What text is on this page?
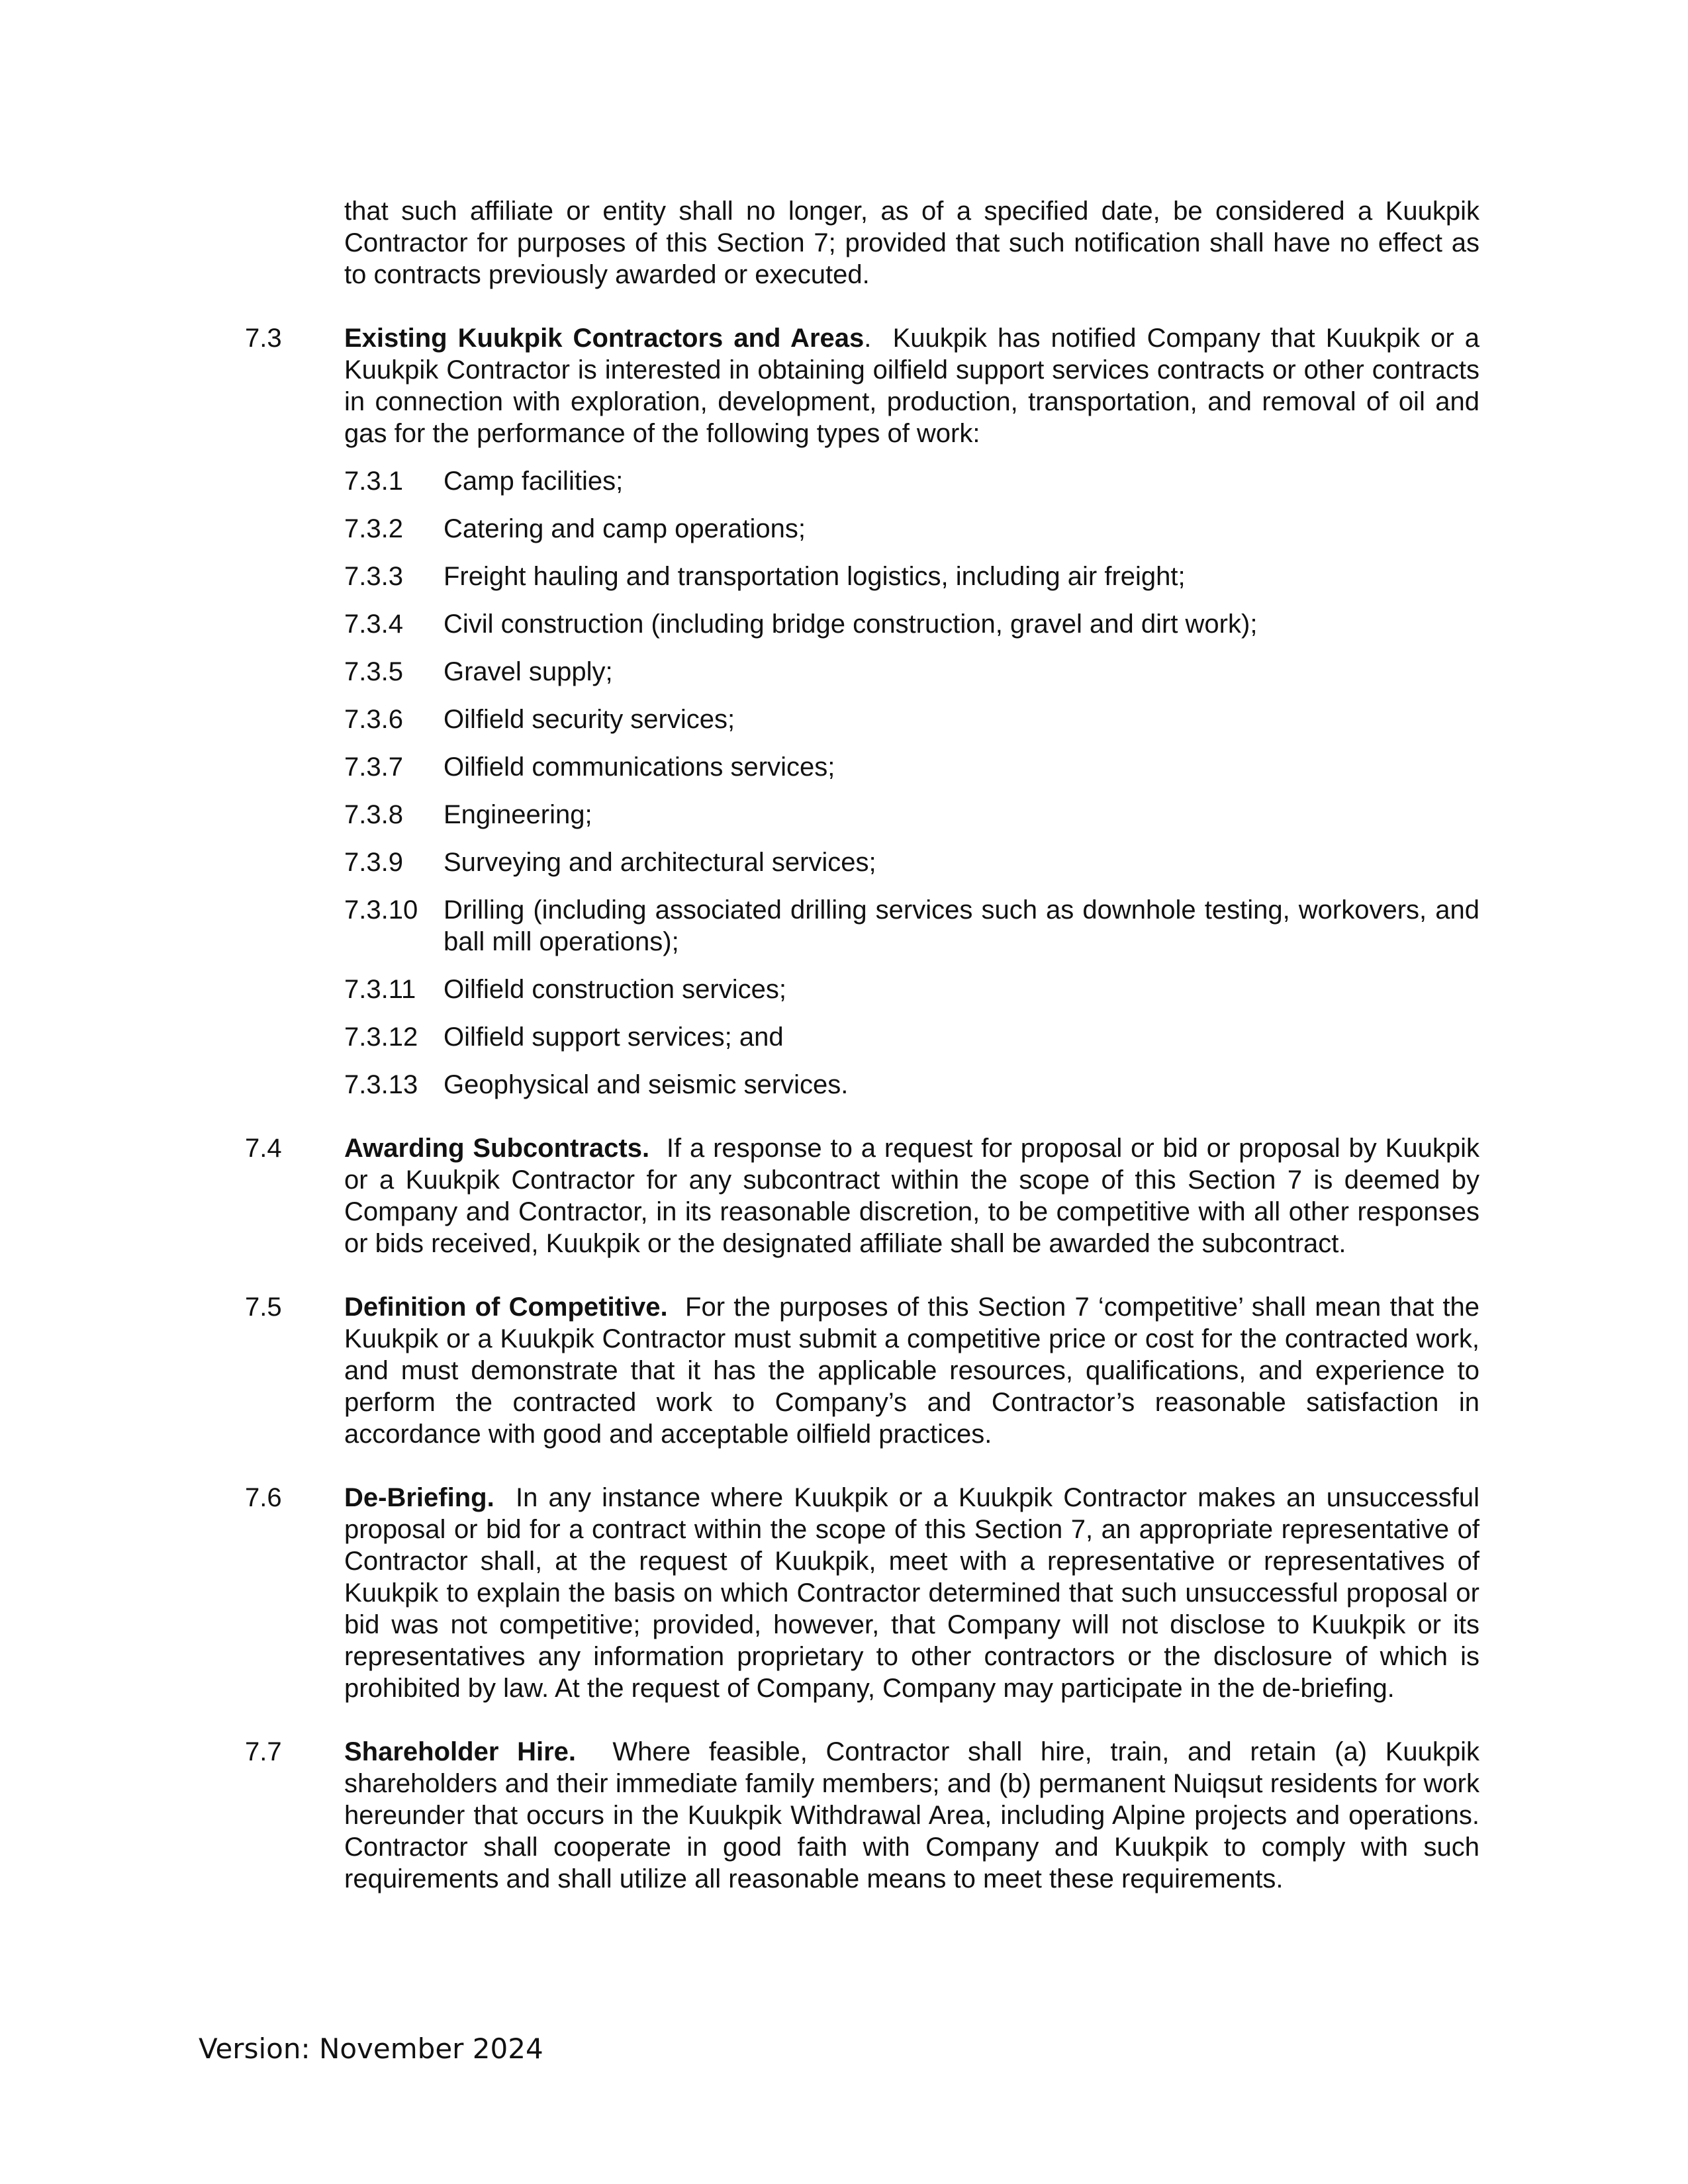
that such affiliate or entity shall no longer, as of a specified date, be considered a Kuukpik Contractor for purposes of this Section 7; provided that such notification shall have no effect as to contracts previously awarded or executed.
7.3 Existing Kuukpik Contractors and Areas. Kuukpik has notified Company that Kuukpik or a Kuukpik Contractor is interested in obtaining oilfield support services contracts or other contracts in connection with exploration, development, production, transportation, and removal of oil and gas for the performance of the following types of work:
7.3.1 Camp facilities;
7.3.2 Catering and camp operations;
7.3.3 Freight hauling and transportation logistics, including air freight;
7.3.4 Civil construction (including bridge construction, gravel and dirt work);
7.3.5 Gravel supply;
7.3.6 Oilfield security services;
7.3.7 Oilfield communications services;
7.3.8 Engineering;
7.3.9 Surveying and architectural services;
7.3.10 Drilling (including associated drilling services such as downhole testing, workovers, and ball mill operations);
7.3.11 Oilfield construction services;
7.3.12 Oilfield support services; and
7.3.13 Geophysical and seismic services.
7.4 Awarding Subcontracts. If a response to a request for proposal or bid or proposal by Kuukpik or a Kuukpik Contractor for any subcontract within the scope of this Section 7 is deemed by Company and Contractor, in its reasonable discretion, to be competitive with all other responses or bids received, Kuukpik or the designated affiliate shall be awarded the subcontract.
7.5 Definition of Competitive. For the purposes of this Section 7 ‘competitive’ shall mean that the Kuukpik or a Kuukpik Contractor must submit a competitive price or cost for the contracted work, and must demonstrate that it has the applicable resources, qualifications, and experience to perform the contracted work to Company’s and Contractor’s reasonable satisfaction in accordance with good and acceptable oilfield practices.
7.6 De-Briefing. In any instance where Kuukpik or a Kuukpik Contractor makes an unsuccessful proposal or bid for a contract within the scope of this Section 7, an appropriate representative of Contractor shall, at the request of Kuukpik, meet with a representative or representatives of Kuukpik to explain the basis on which Contractor determined that such unsuccessful proposal or bid was not competitive; provided, however, that Company will not disclose to Kuukpik or its representatives any information proprietary to other contractors or the disclosure of which is prohibited by law. At the request of Company, Company may participate in the de-briefing.
7.7 Shareholder Hire. Where feasible, Contractor shall hire, train, and retain (a) Kuukpik shareholders and their immediate family members; and (b) permanent Nuiqsut residents for work hereunder that occurs in the Kuukpik Withdrawal Area, including Alpine projects and operations. Contractor shall cooperate in good faith with Company and Kuukpik to comply with such requirements and shall utilize all reasonable means to meet these requirements.
Version: November 2024
